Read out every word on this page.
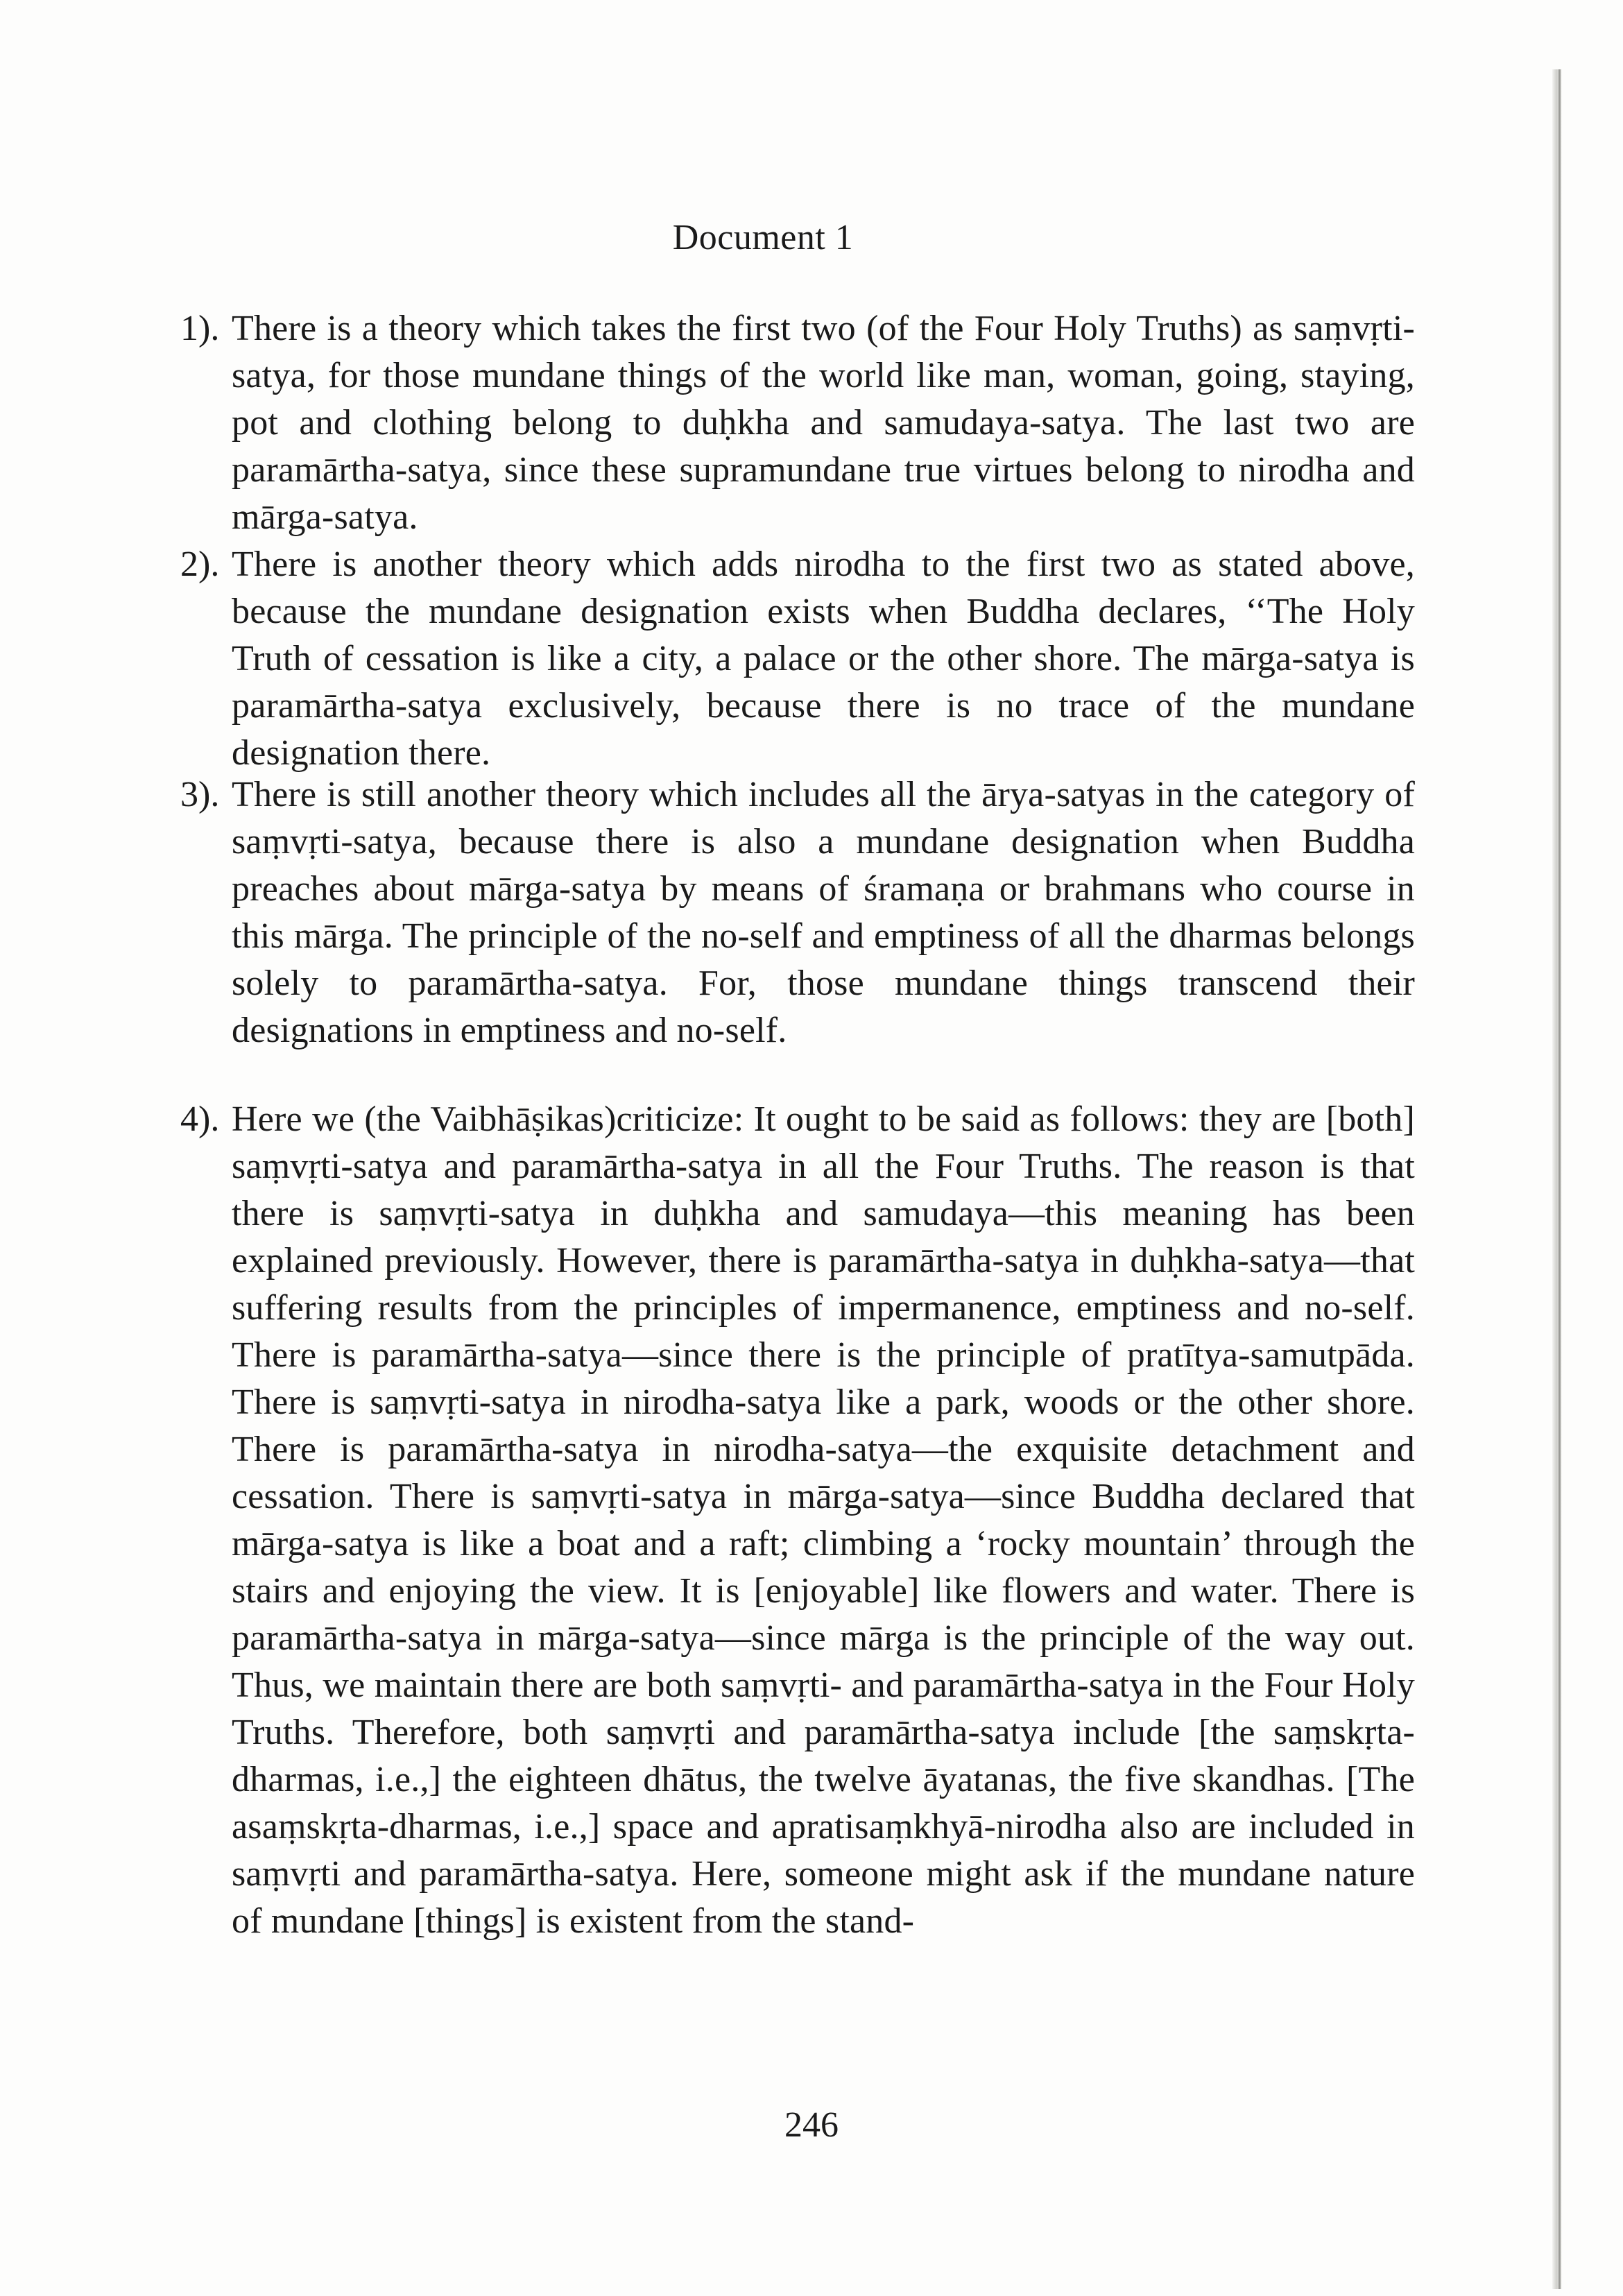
Document 1
1). There is a theory which takes the first two (of the Four Holy Truths) as saṃvṛti-satya, for those mundane things of the world like man, woman, going, staying, pot and clothing belong to duḥkha and samudaya-satya. The last two are paramārtha-satya, since these supramundane true virtues belong to nirodha and mārga-satya.
2). There is another theory which adds nirodha to the first two as stated above, because the mundane designation exists when Buddha declares, ‘‘The Holy Truth of cessation is like a city, a palace or the other shore. The mārga-satya is paramārtha-satya exclusively, because there is no trace of the mundane designation there.
3). There is still another theory which includes all the ārya-satyas in the category of saṃvṛti-satya, because there is also a mundane designation when Buddha preaches about mārga-satya by means of śramaṇa or brahmans who course in this mārga. The principle of the no-self and emptiness of all the dharmas belongs solely to paramārtha-satya. For, those mundane things transcend their designations in emptiness and no-self.
4). Here we (the Vaibhāṣikas)criticize: It ought to be said as follows: they are [both] saṃvṛti-satya and paramārtha-satya in all the Four Truths. The reason is that there is saṃvṛti-satya in duḥkha and samudaya—this meaning has been explained previously. However, there is paramārtha-satya in duḥkha-satya—that suffering results from the principles of impermanence, emptiness and no-self. There is paramārtha-satya—since there is the principle of pratītya-samutpāda. There is saṃvṛti-satya in nirodha-satya like a park, woods or the other shore. There is paramārtha-satya in nirodha-satya—the exquisite detachment and cessation. There is saṃvṛti-satya in mārga-satya—since Buddha declared that mārga-satya is like a boat and a raft; climbing a ‘rocky mountain’ through the stairs and enjoying the view. It is [enjoyable] like flowers and water. There is paramārtha-satya in mārga-satya—since mārga is the principle of the way out. Thus, we maintain there are both saṃvṛti- and paramārtha-satya in the Four Holy Truths. Therefore, both saṃvṛti and paramārtha-satya include [the saṃskṛta-dharmas, i.e.,] the eighteen dhātus, the twelve āyatanas, the five skandhas. [The asaṃskṛta-dharmas, i.e.,] space and apratisaṃkhyā-nirodha also are included in saṃvṛti and paramārtha-satya. Here, someone might ask if the mundane nature of mundane [things] is existent from the stand-
246
